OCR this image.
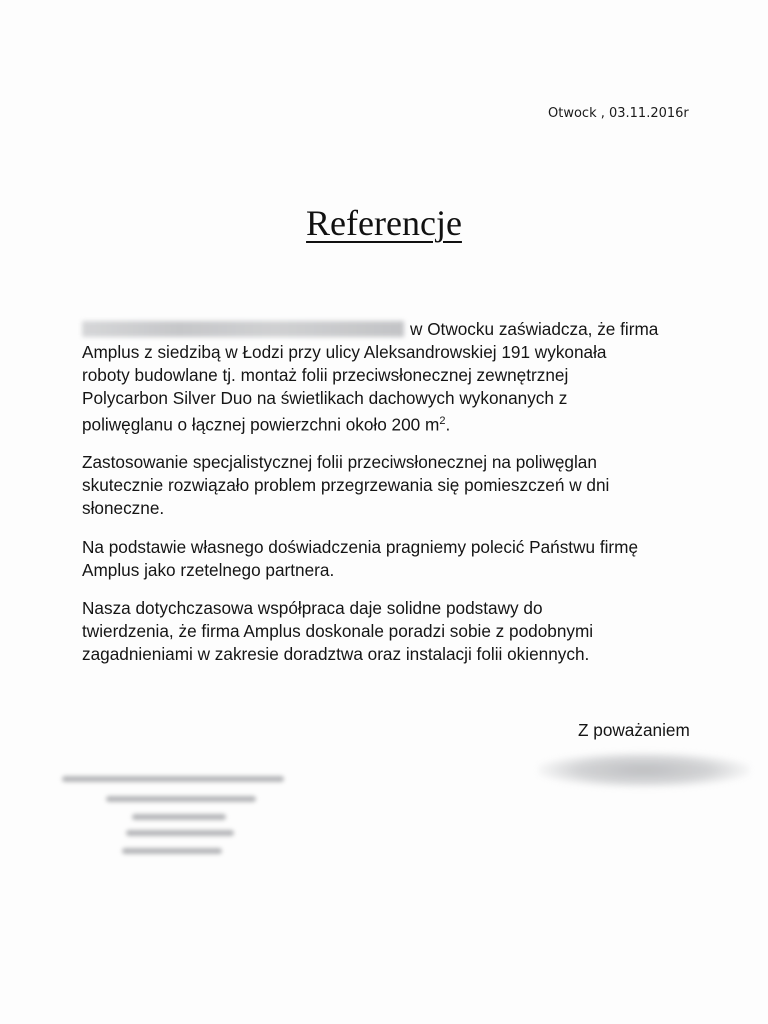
Otwock , 03.11.2016r
Referencje
w Otwocku zaświadcza, że firma
Amplus z siedzibą w Łodzi przy ulicy Aleksandrowskiej 191 wykonała
roboty budowlane tj. montaż folii przeciwsłonecznej zewnętrznej
Polycarbon Silver Duo na świetlikach dachowych wykonanych z
poliwęglanu o łącznej powierzchni około 200 $m^2$.
Zastosowanie specjalistycznej folii przeciwsłonecznej na poliwęglan
skutecznie rozwiązało problem przegrzewania się pomieszczeń w dni
słoneczne.
Na podstawie własnego doświadczenia pragniemy polecić Państwu firmę
Amplus jako rzetelnego partnera.
Nasza dotychczasowa współpraca daje solidne podstawy do
twierdzenia, że firma Amplus doskonale poradzi sobie z podobnymi
zagadnieniami w zakresie doradztwa oraz instalacji folii okiennych.
Z poważaniem
